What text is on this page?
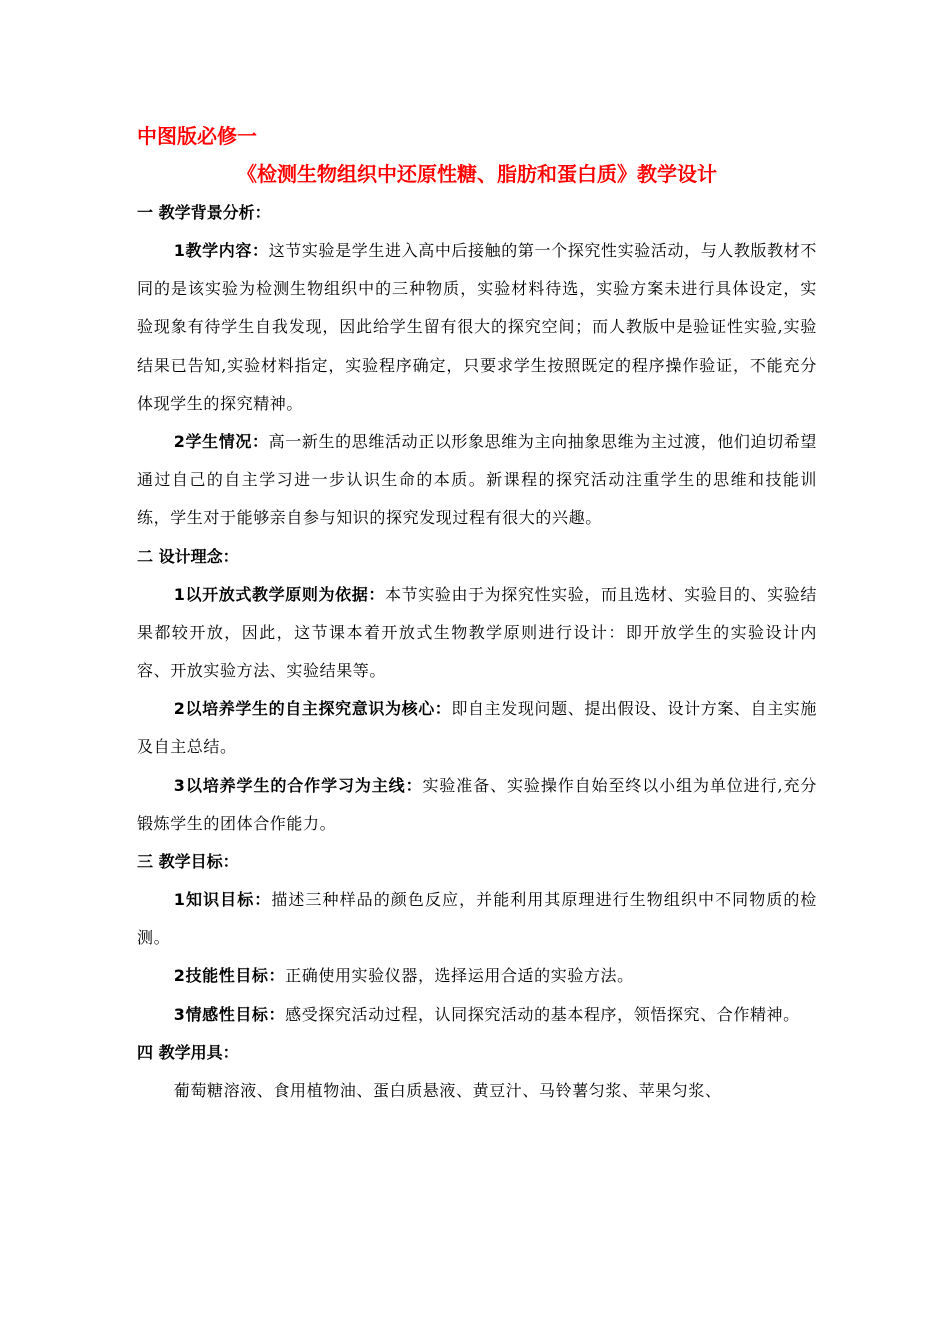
中图版必修一
《检测生物组织中还原性糖、脂肪和蛋白质》教学设计
一 教学背景分析：

1教学内容：这节实验是学生进入高中后接触的第一个探究性实验活动，与人教版教材不同的是该实验为检测生物组织中的三种物质，实验材料待选，实验方案未进行具体设定，实验现象有待学生自我发现，因此给学生留有很大的探究空间；而人教版中是验证性实验,实验结果已告知,实验材料指定，实验程序确定，只要求学生按照既定的程序操作验证，不能充分体现学生的探究精神。

2学生情况：高一新生的思维活动正以形象思维为主向抽象思维为主过渡，他们迫切希望通过自己的自主学习进一步认识生命的本质。新课程的探究活动注重学生的思维和技能训练，学生对于能够亲自参与知识的探究发现过程有很大的兴趣。

二 设计理念：

1以开放式教学原则为依据：本节实验由于为探究性实验，而且选材、实验目的、实验结果都较开放，因此，这节课本着开放式生物教学原则进行设计：即开放学生的实验设计内容、开放实验方法、实验结果等。

2以培养学生的自主探究意识为核心：即自主发现问题、提出假设、设计方案、自主实施及自主总结。

3以培养学生的合作学习为主线：实验准备、实验操作自始至终以小组为单位进行,充分锻炼学生的团体合作能力。

三 教学目标：

1知识目标：描述三种样品的颜色反应，并能利用其原理进行生物组织中不同物质的检测。

2技能性目标：正确使用实验仪器，选择运用合适的实验方法。

3情感性目标：感受探究活动过程，认同探究活动的基本程序，领悟探究、合作精神。

四 教学用具：

葡萄糖溶液、食用植物油、蛋白质悬液、黄豆汁、马铃薯匀浆、苹果匀浆、
